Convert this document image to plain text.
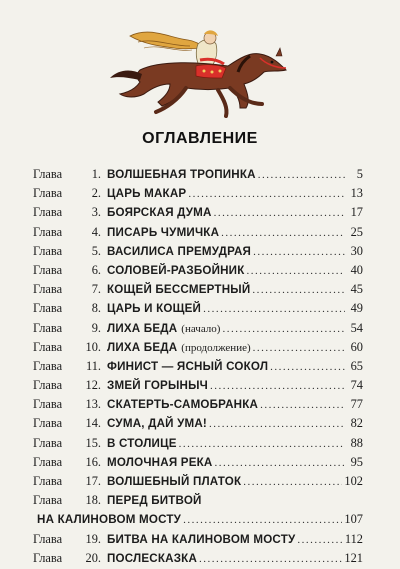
ОГЛАВЛЕНИЕ
Глава	1. ВОЛШЕБНАЯ ТРОПИНКА .....	5
Глава	2. ЦАРЬ МАКАР .....	13
Глава	3. БОЯРСКАЯ ДУМА .....	17
Глава	4. ПИСАРЬ ЧУМИЧКА .....	25
Глава	5. ВАСИЛИСА ПРЕМУДРАЯ .....	30
Глава	6. СОЛОВЕЙ-РАЗБОЙНИК .....	40
Глава	7. КОЩЕЙ БЕССМЕРТНЫЙ .....	45
Глава	8. ЦАРЬ И КОЩЕЙ .....	49
Глава	9. ЛИХА БЕДА (начало) .....	54
Глава	10. ЛИХА БЕДА (продолжение) .....	60
Глава	11. ФИНИСТ — ЯСНЫЙ СОКОЛ .....	65
Глава	12. ЗМЕЙ ГОРЫНЫЧ .....	74
Глава	13. СКАТЕРТЬ-САМОБРАНКА .....	77
Глава	14. СУМА, ДАЙ УМА! .....	82
Глава	15. В СТОЛИЦЕ .....	88
Глава	16. МОЛОЧНАЯ РЕКА .....	95
Глава	17. ВОЛШЕБНЫЙ ПЛАТОК .....	102
Глава	18. ПЕРЕД БИТВОЙ
НА КАЛИНОВОМ МОСТУ .....	107
Глава	19. БИТВА НА КАЛИНОВОМ МОСТУ .....	112
Глава	20. ПОСЛЕСКАЗКА .....	121
